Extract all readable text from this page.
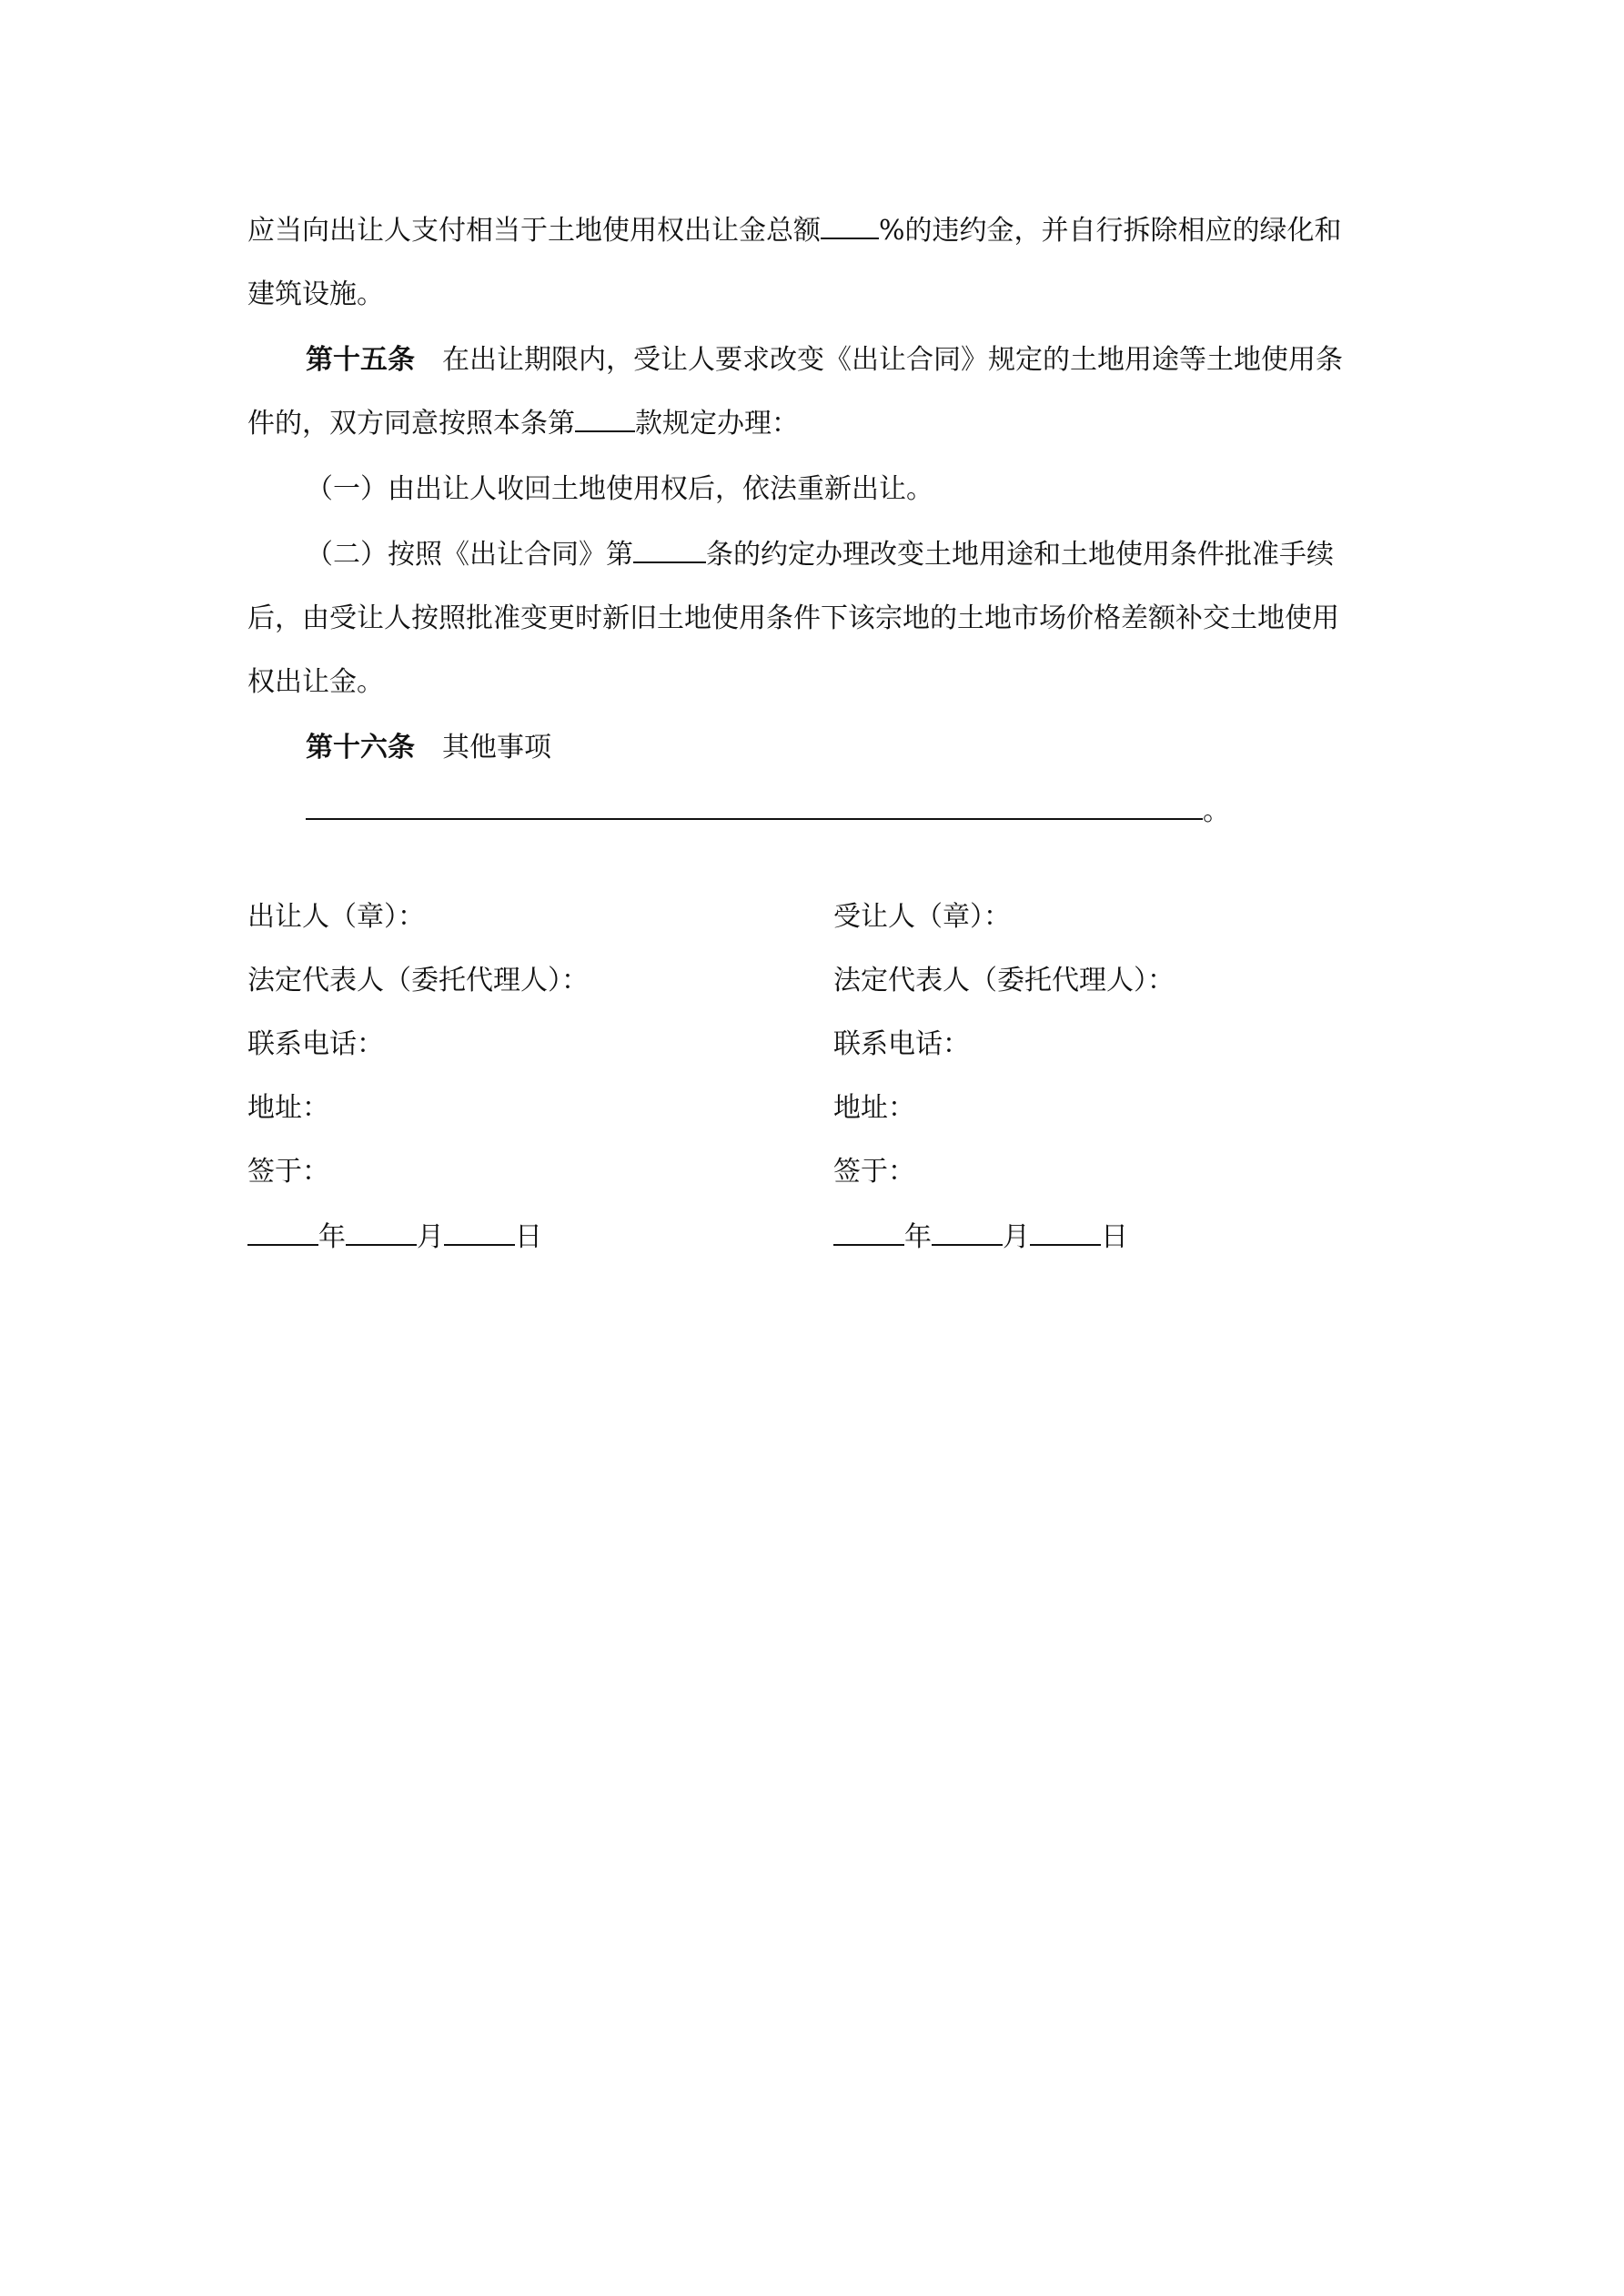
应当向出让人支付相当于土地使用权出让金总额 %的违约金，并自行拆除相应的绿化和
建筑设施。
第十五条 在出让期限内，受让人要求改变《出让合同》规定的土地用途等土地使用条
件的，双方同意按照本条第 款规定办理：
（一）由出让人收回土地使用权后，依法重新出让。
（二）按照《出让合同》第	条的约定办理改变土地用途和土地使用条件批准手续
后，由受让人按照批准变更时新旧土地使用条件下该宗地的土地市场价格差额补交土地使用
权出让金。
第十六条 其他事项
。
出让人（章）：
法定代表人（委托代理人）：
联系电话：
地址：
签于：
年	月	日
受让人（章）：
法定代表人（委托代理人）：
联系电话：
地址：
签于：
年	月	日
